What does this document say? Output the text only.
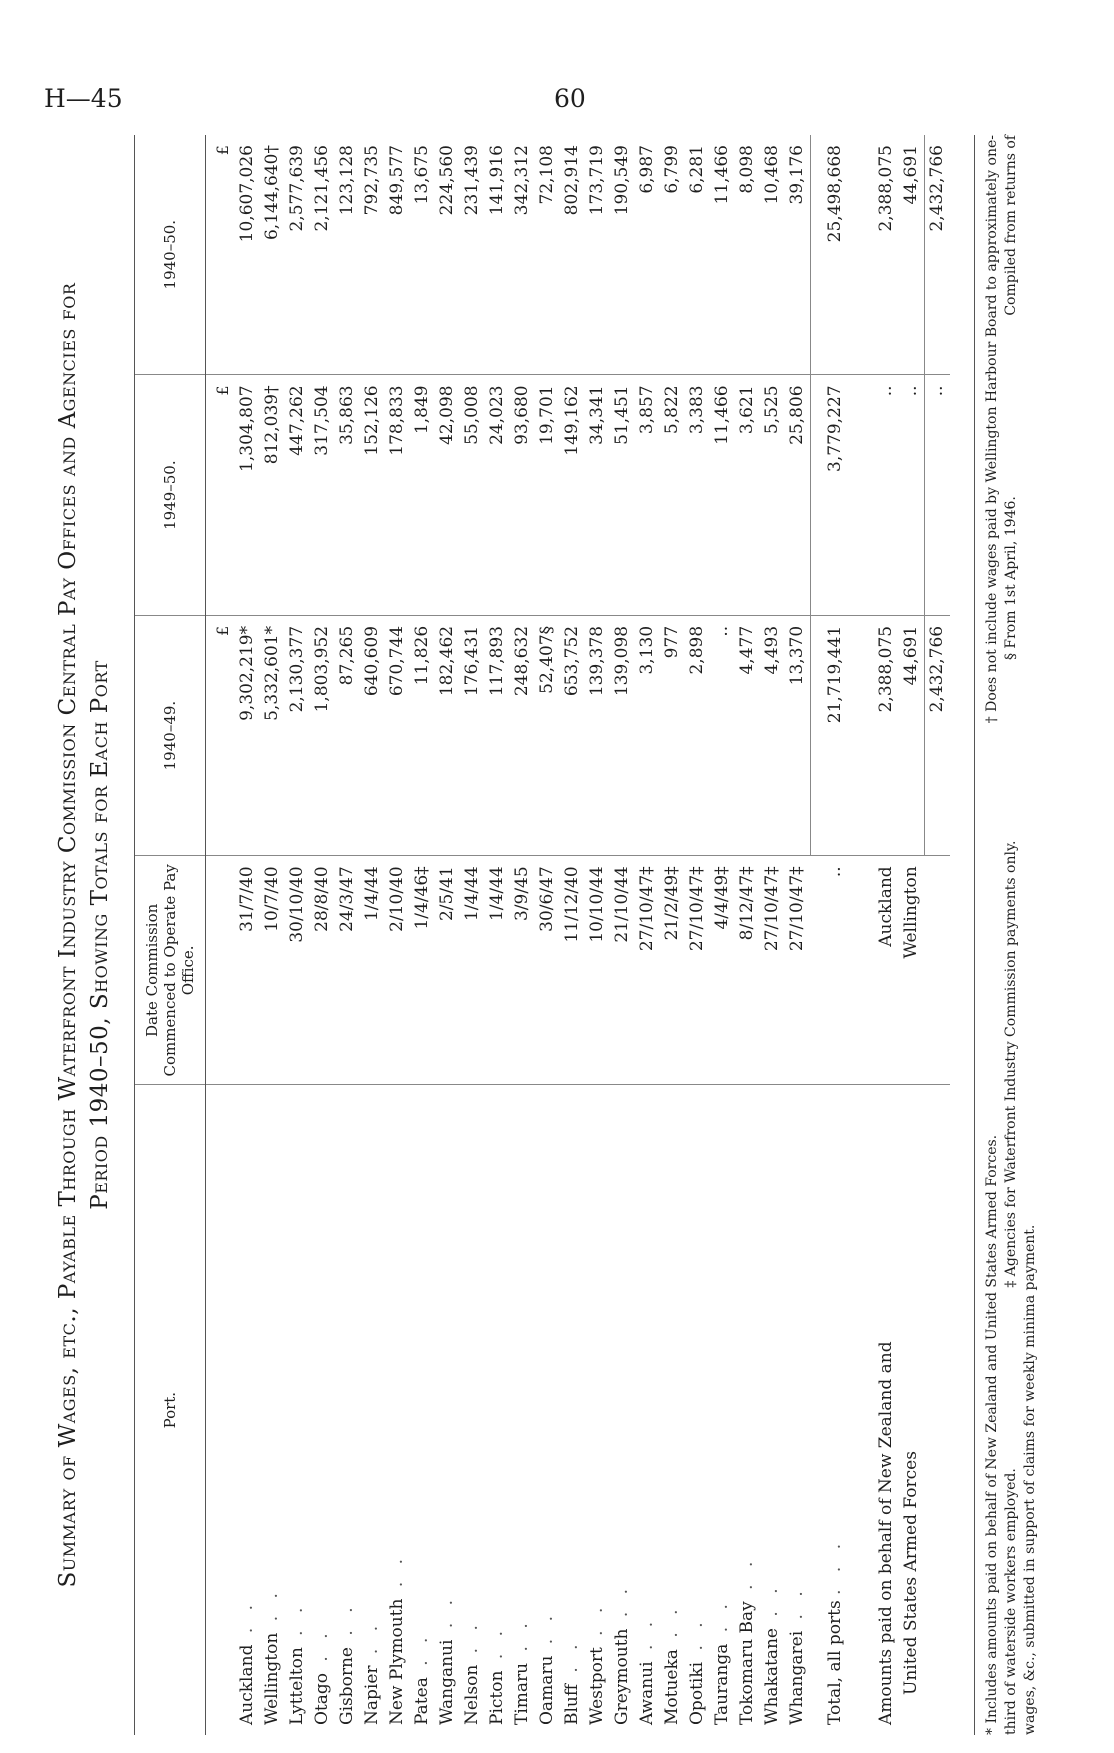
H—45	60
Summary of Wages, etc., Payable Through Waterfront Industry Commission Central Pay Offices and Agencies for Period 1940–50, Showing Totals for Each Port
Port.	Date Commission Commenced to Operate Pay Office.	1940–49.	1949–50.	1940–50.
		£	£	£
Auckland . .	31/7/40	9,302,219*	1,304,807	10,607,026
Wellington . .	10/7/40	5,332,601*	812,039†	6,144,640†
Lyttelton . .	30/10/40	2,130,377	447,262	2,577,639
Otago . .	28/8/40	1,803,952	317,504	2,121,456
Gisborne . .	24/3/47	87,265	35,863	123,128
Napier . .	1/4/44	640,609	152,126	792,735
New Plymouth . .	2/10/40	670,744	178,833	849,577
Patea . .	1/4/46‡	11,826	1,849	13,675
Wanganui . .	2/5/41	182,462	42,098	224,560
Nelson . .	1/4/44	176,431	55,008	231,439
Picton . .	1/4/44	117,893	24,023	141,916
Timaru . .	3/9/45	248,632	93,680	342,312
Oamaru . .	30/6/47	52,407§	19,701	72,108
Bluff . .	11/12/40	653,752	149,162	802,914
Westport . .	10/10/44	139,378	34,341	173,719
Greymouth . .	21/10/44	139,098	51,451	190,549
Awanui . .	27/10/47‡	3,130	3,857	6,987
Motueka . .	21/2/49‡	977	5,822	6,799
Opotiki . .	27/10/47‡	2,898	3,383	6,281
Tauranga . .	4/4/49‡	..	11,466	11,466
Tokomaru Bay . .	8/12/47‡	4,477	3,621	8,098
Whakatane . .	27/10/47‡	4,493	5,525	10,468
Whangarei . .	27/10/47‡	13,370	25,806	39,176
Total, all ports . . .	..	21,719,441	3,779,227	25,498,668

Amounts paid on behalf of New Zealand and	Auckland	2,388,075	..	2,388,075
United States Armed Forces	Wellington	44,691	..	44,691
		2,432,766	..	2,432,766

* Includes amounts paid on behalf of New Zealand and United States Armed Forces.

† Does not include wages paid by Wellington Harbour Board to approximately one-

third of waterside workers employed.

‡ Agencies for Waterfront Industry Commission payments only.

§ From 1st April, 1946.

Compiled from returns of

wages, &c., submitted in support of claims for weekly minima payment.
